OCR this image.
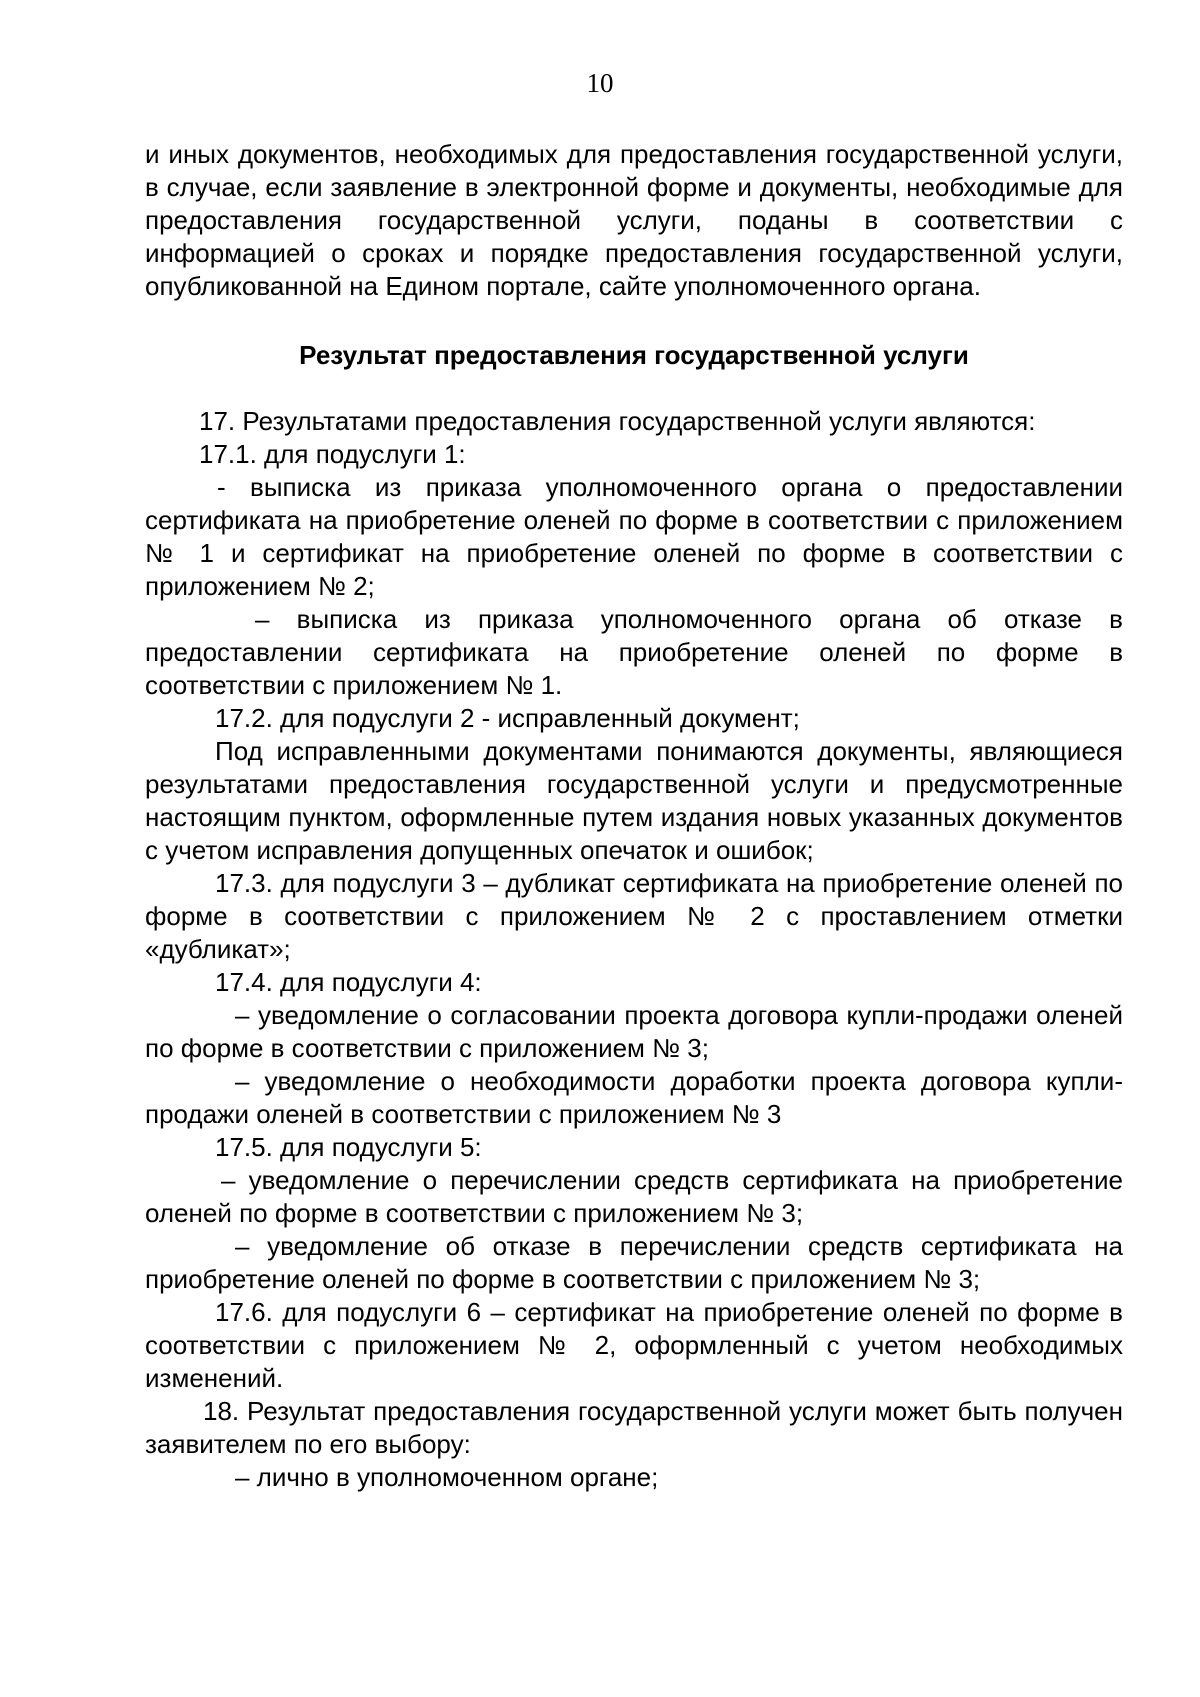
10

и иных документов, необходимых для предоставления государственной услуги, в случае, если заявление в электронной форме и документы, необходимые для предоставления государственной услуги, поданы в соответствии с информацией о сроках и порядке предоставления государственной услуги, опубликованной на Едином портале, сайте уполномоченного органа.

Результат предоставления государственной услуги

17. Результатами предоставления государственной услуги являются:

17.1. для подуслуги 1:

- выписка из приказа уполномоченного органа о предоставлении сертификата на приобретение оленей по форме в соответствии с приложением № 1 и сертификат на приобретение оленей по форме в соответствии с приложением № 2;

– выписка из приказа уполномоченного органа об отказе в предоставлении сертификата на приобретение оленей по форме в соответствии с приложением № 1.

17.2. для подуслуги 2 - исправленный документ;

Под исправленными документами понимаются документы, являющиеся результатами предоставления государственной услуги и предусмотренные настоящим пунктом, оформленные путем издания новых указанных документов с учетом исправления допущенных опечаток и ошибок;

17.3. для подуслуги 3 – дубликат сертификата на приобретение оленей по форме в соответствии с приложением № 2 с проставлением отметки «дубликат»;

17.4. для подуслуги 4:

– уведомление о согласовании проекта договора купли-продажи оленей по форме в соответствии с приложением № 3;

– уведомление о необходимости доработки проекта договора купли-продажи оленей в соответствии с приложением № 3

17.5. для подуслуги 5:

– уведомление о перечислении средств сертификата на приобретение оленей по форме в соответствии с приложением № 3;

– уведомление об отказе в перечислении средств сертификата на приобретение оленей по форме в соответствии с приложением № 3;

17.6. для подуслуги 6 – сертификат на приобретение оленей по форме в соответствии с приложением № 2, оформленный с учетом необходимых изменений.

18. Результат предоставления государственной услуги может быть получен заявителем по его выбору:

– лично в уполномоченном органе;
